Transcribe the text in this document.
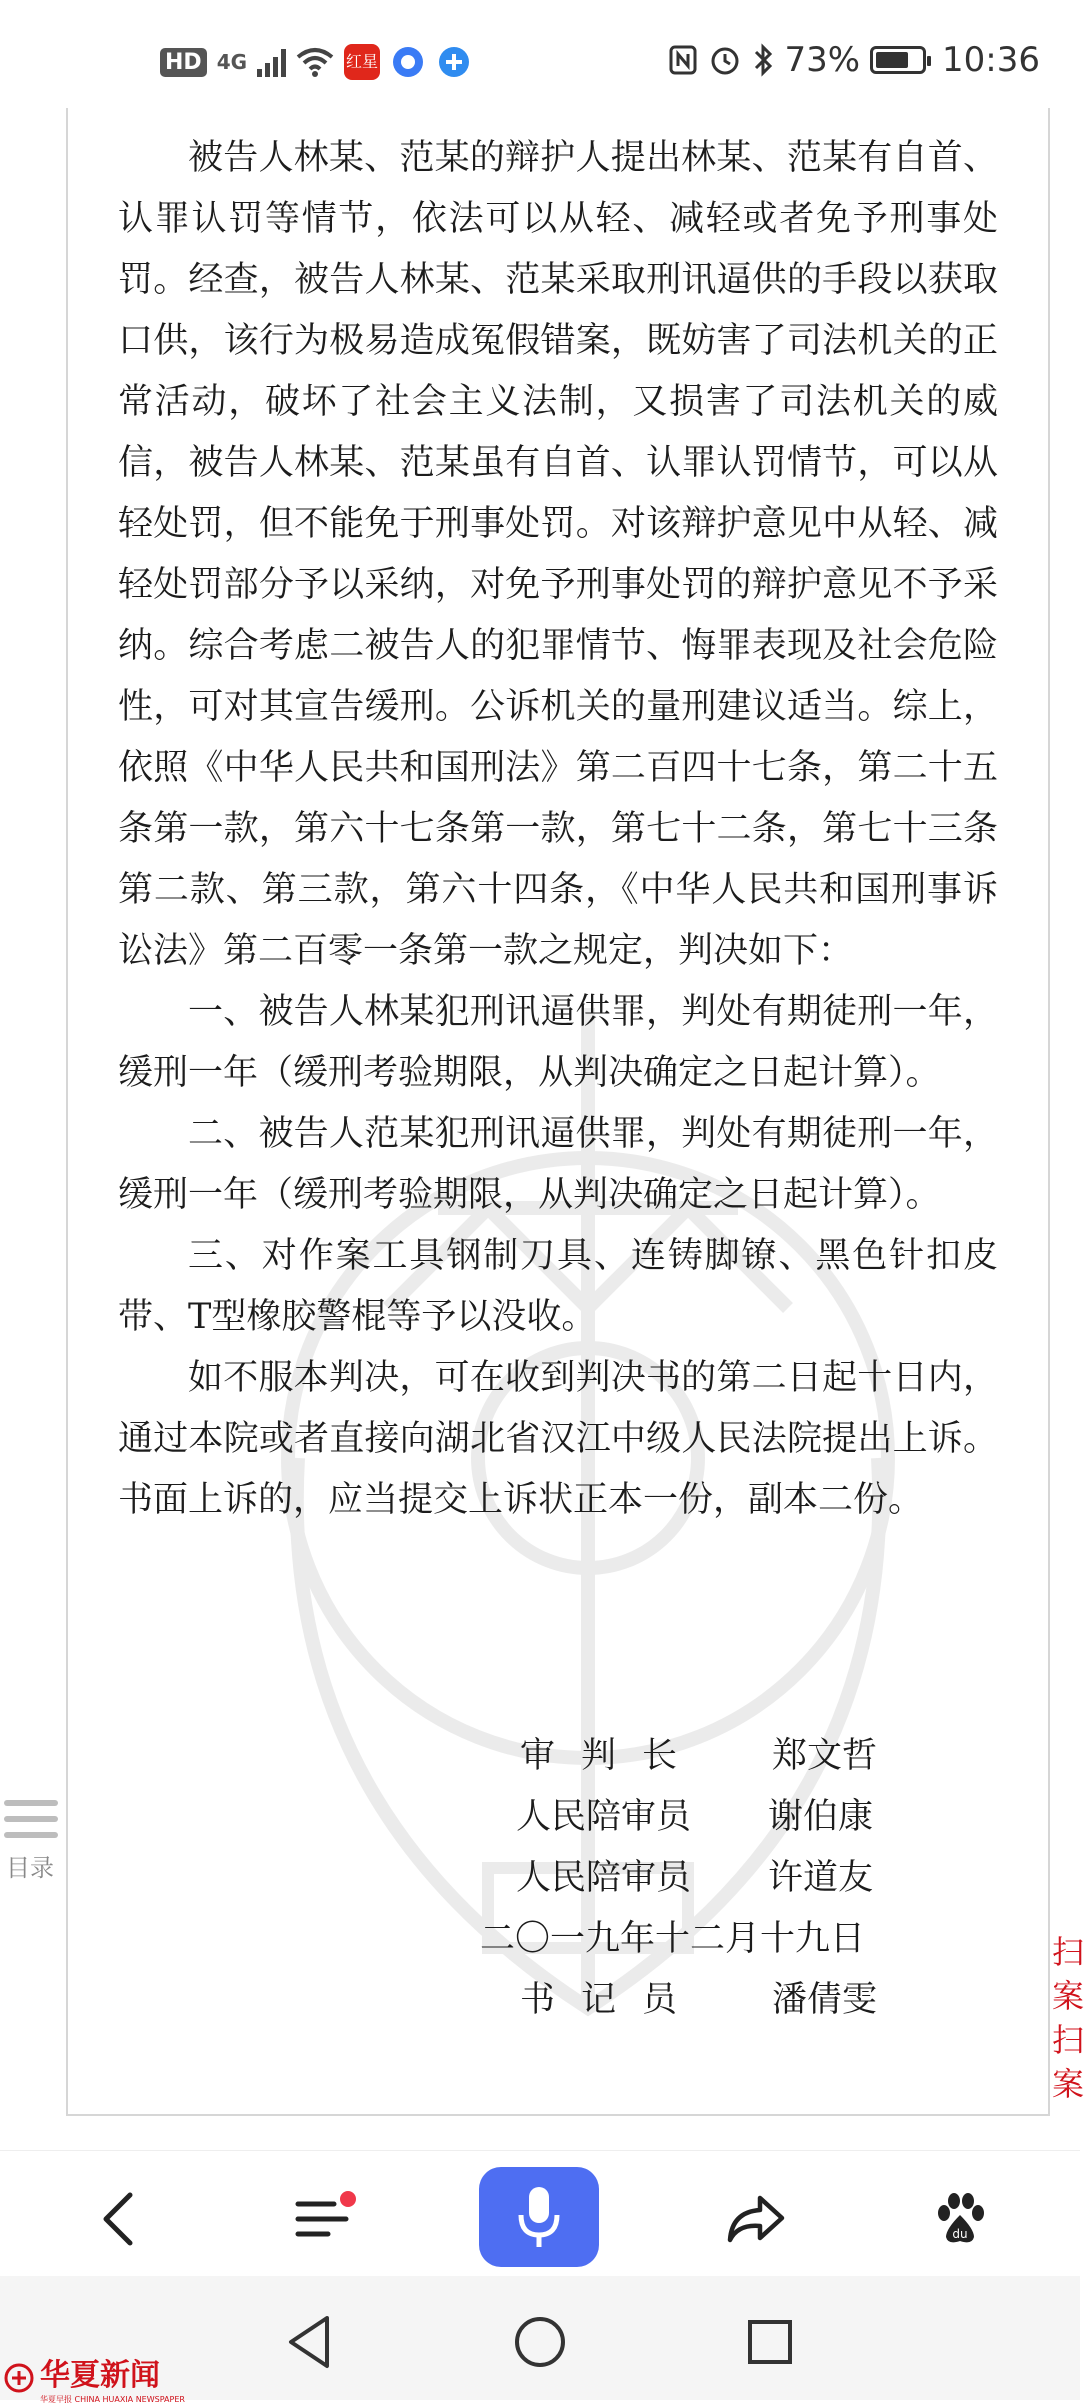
HD 4G	红星	73% 10:36

被告人林某、范某的辩护人提出林某、范某有自首、认罪认罚等情节，依法可以从轻、减轻或者免予刑事处罚。经查，被告人林某、范某采取刑讯逼供的手段以获取口供，该行为极易造成冤假错案，既妨害了司法机关的正常活动，破坏了社会主义法制，又损害了司法机关的威信，被告人林某、范某虽有自首、认罪认罚情节，可以从轻处罚，但不能免于刑事处罚。对该辩护意见中从轻、减轻处罚部分予以采纳，对免予刑事处罚的辩护意见不予采纳。综合考虑二被告人的犯罪情节、悔罪表现及社会危险性，可对其宣告缓刑。公诉机关的量刑建议适当。综上，依照《中华人民共和国刑法》第二百四十七条，第二十五条第一款，第六十七条第一款，第七十二条，第七十三条第二款、第三款，第六十四条，《中华人民共和国刑事诉讼法》第二百零一条第一款之规定，判决如下：

一、被告人林某犯刑讯逼供罪，判处有期徒刑一年，缓刑一年（缓刑考验期限，从判决确定之日起计算）。

二、被告人范某犯刑讯逼供罪，判处有期徒刑一年，缓刑一年（缓刑考验期限，从判决确定之日起计算）。

三、对作案工具钢制刀具、连铸脚镣、黑色针扣皮带、T型橡胶警棍等予以没收。

如不服本判决，可在收到判决书的第二日起十日内，通过本院或者直接向湖北省汉江中级人民法院提出上诉。书面上诉的，应当提交上诉状正本一份，副本二份。

审判长	郑文哲
人民陪审员	谢伯康
人民陪审员	许道友
二〇一九年十二月十九日
书记员	潘倩雯
目录
扫
案
扫
案
du
华夏新闻
华夏早报 CHINA HUAXIA NEWSPAPER
